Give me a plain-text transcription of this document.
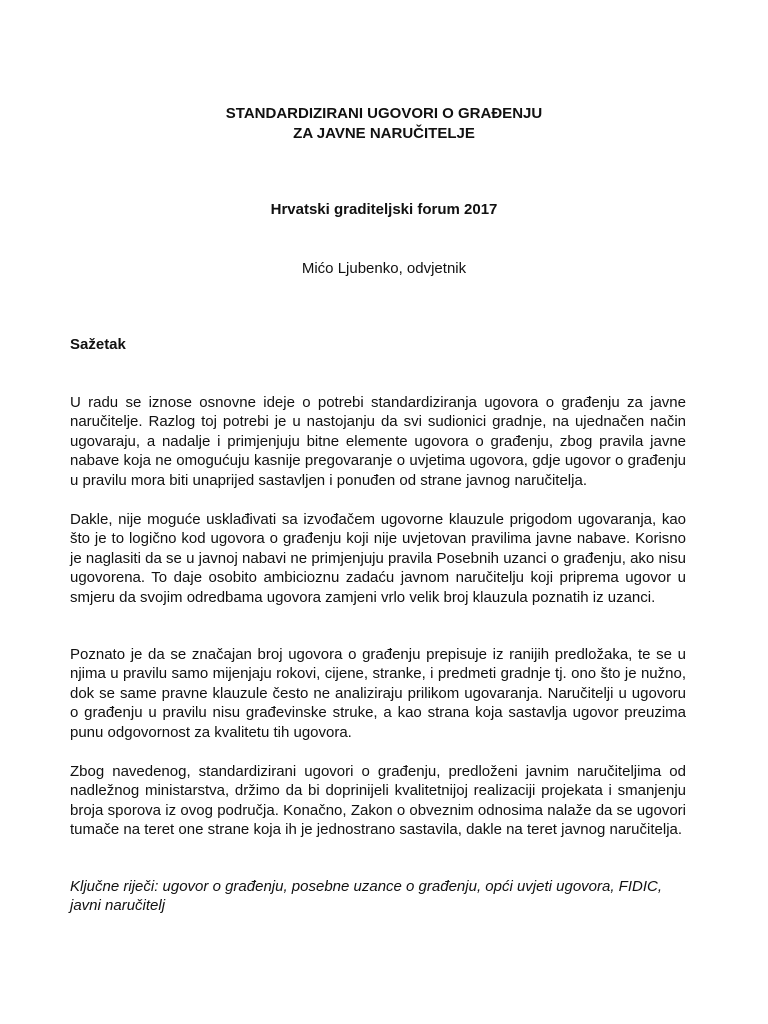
STANDARDIZIRANI UGOVORI O GRAĐENJU
ZA JAVNE NARUČITELJE
Hrvatski graditeljski forum 2017
Mićo Ljubenko, odvjetnik
Sažetak

U radu se iznose osnovne ideje o potrebi standardiziranja ugovora o građenju za javne naručitelje. Razlog toj potrebi je u nastojanju da svi sudionici gradnje, na ujednačen način ugovaraju, a nadalje i primjenjuju bitne elemente ugovora o građenju, zbog pravila javne nabave koja ne omogućuju kasnije pregovaranje o uvjetima ugovora, gdje ugovor o građenju u pravilu mora biti unaprijed sastavljen i ponuđen od strane javnog naručitelja.

Dakle, nije moguće usklađivati sa izvođačem ugovorne klauzule prigodom ugovaranja, kao što je to logično kod ugovora o građenju koji nije uvjetovan pravilima javne nabave. Korisno je naglasiti da se u javnoj nabavi ne primjenjuju pravila Posebnih uzanci o građenju, ako nisu ugovorena. To daje osobito ambicioznu zadaću javnom naručitelju koji priprema ugovor u smjeru da svojim odredbama ugovora zamjeni vrlo velik broj klauzula poznatih iz uzanci.

Poznato je da se značajan broj ugovora o građenju prepisuje iz ranijih predložaka, te se u njima u pravilu samo mijenjaju rokovi, cijene, stranke, i predmeti gradnje tj. ono što je nužno, dok se same pravne klauzule često ne analiziraju prilikom ugovaranja. Naručitelji u ugovoru o građenju u pravilu nisu građevinske struke, a kao strana koja sastavlja ugovor preuzima punu odgovornost za kvalitetu tih ugovora.

Zbog navedenog, standardizirani ugovori o građenju, predloženi javnim naručiteljima od nadležnog ministarstva, držimo da bi doprinijeli kvalitetnijoj realizaciji projekata i smanjenju broja sporova iz ovog područja. Konačno, Zakon o obveznim odnosima nalaže da se ugovori tumače na teret one strane koja ih je jednostrano sastavila, dakle na teret javnog naručitelja.

Ključne riječi: ugovor o građenju, posebne uzance o građenju, opći uvjeti ugovora, FIDIC, javni naručitelj
